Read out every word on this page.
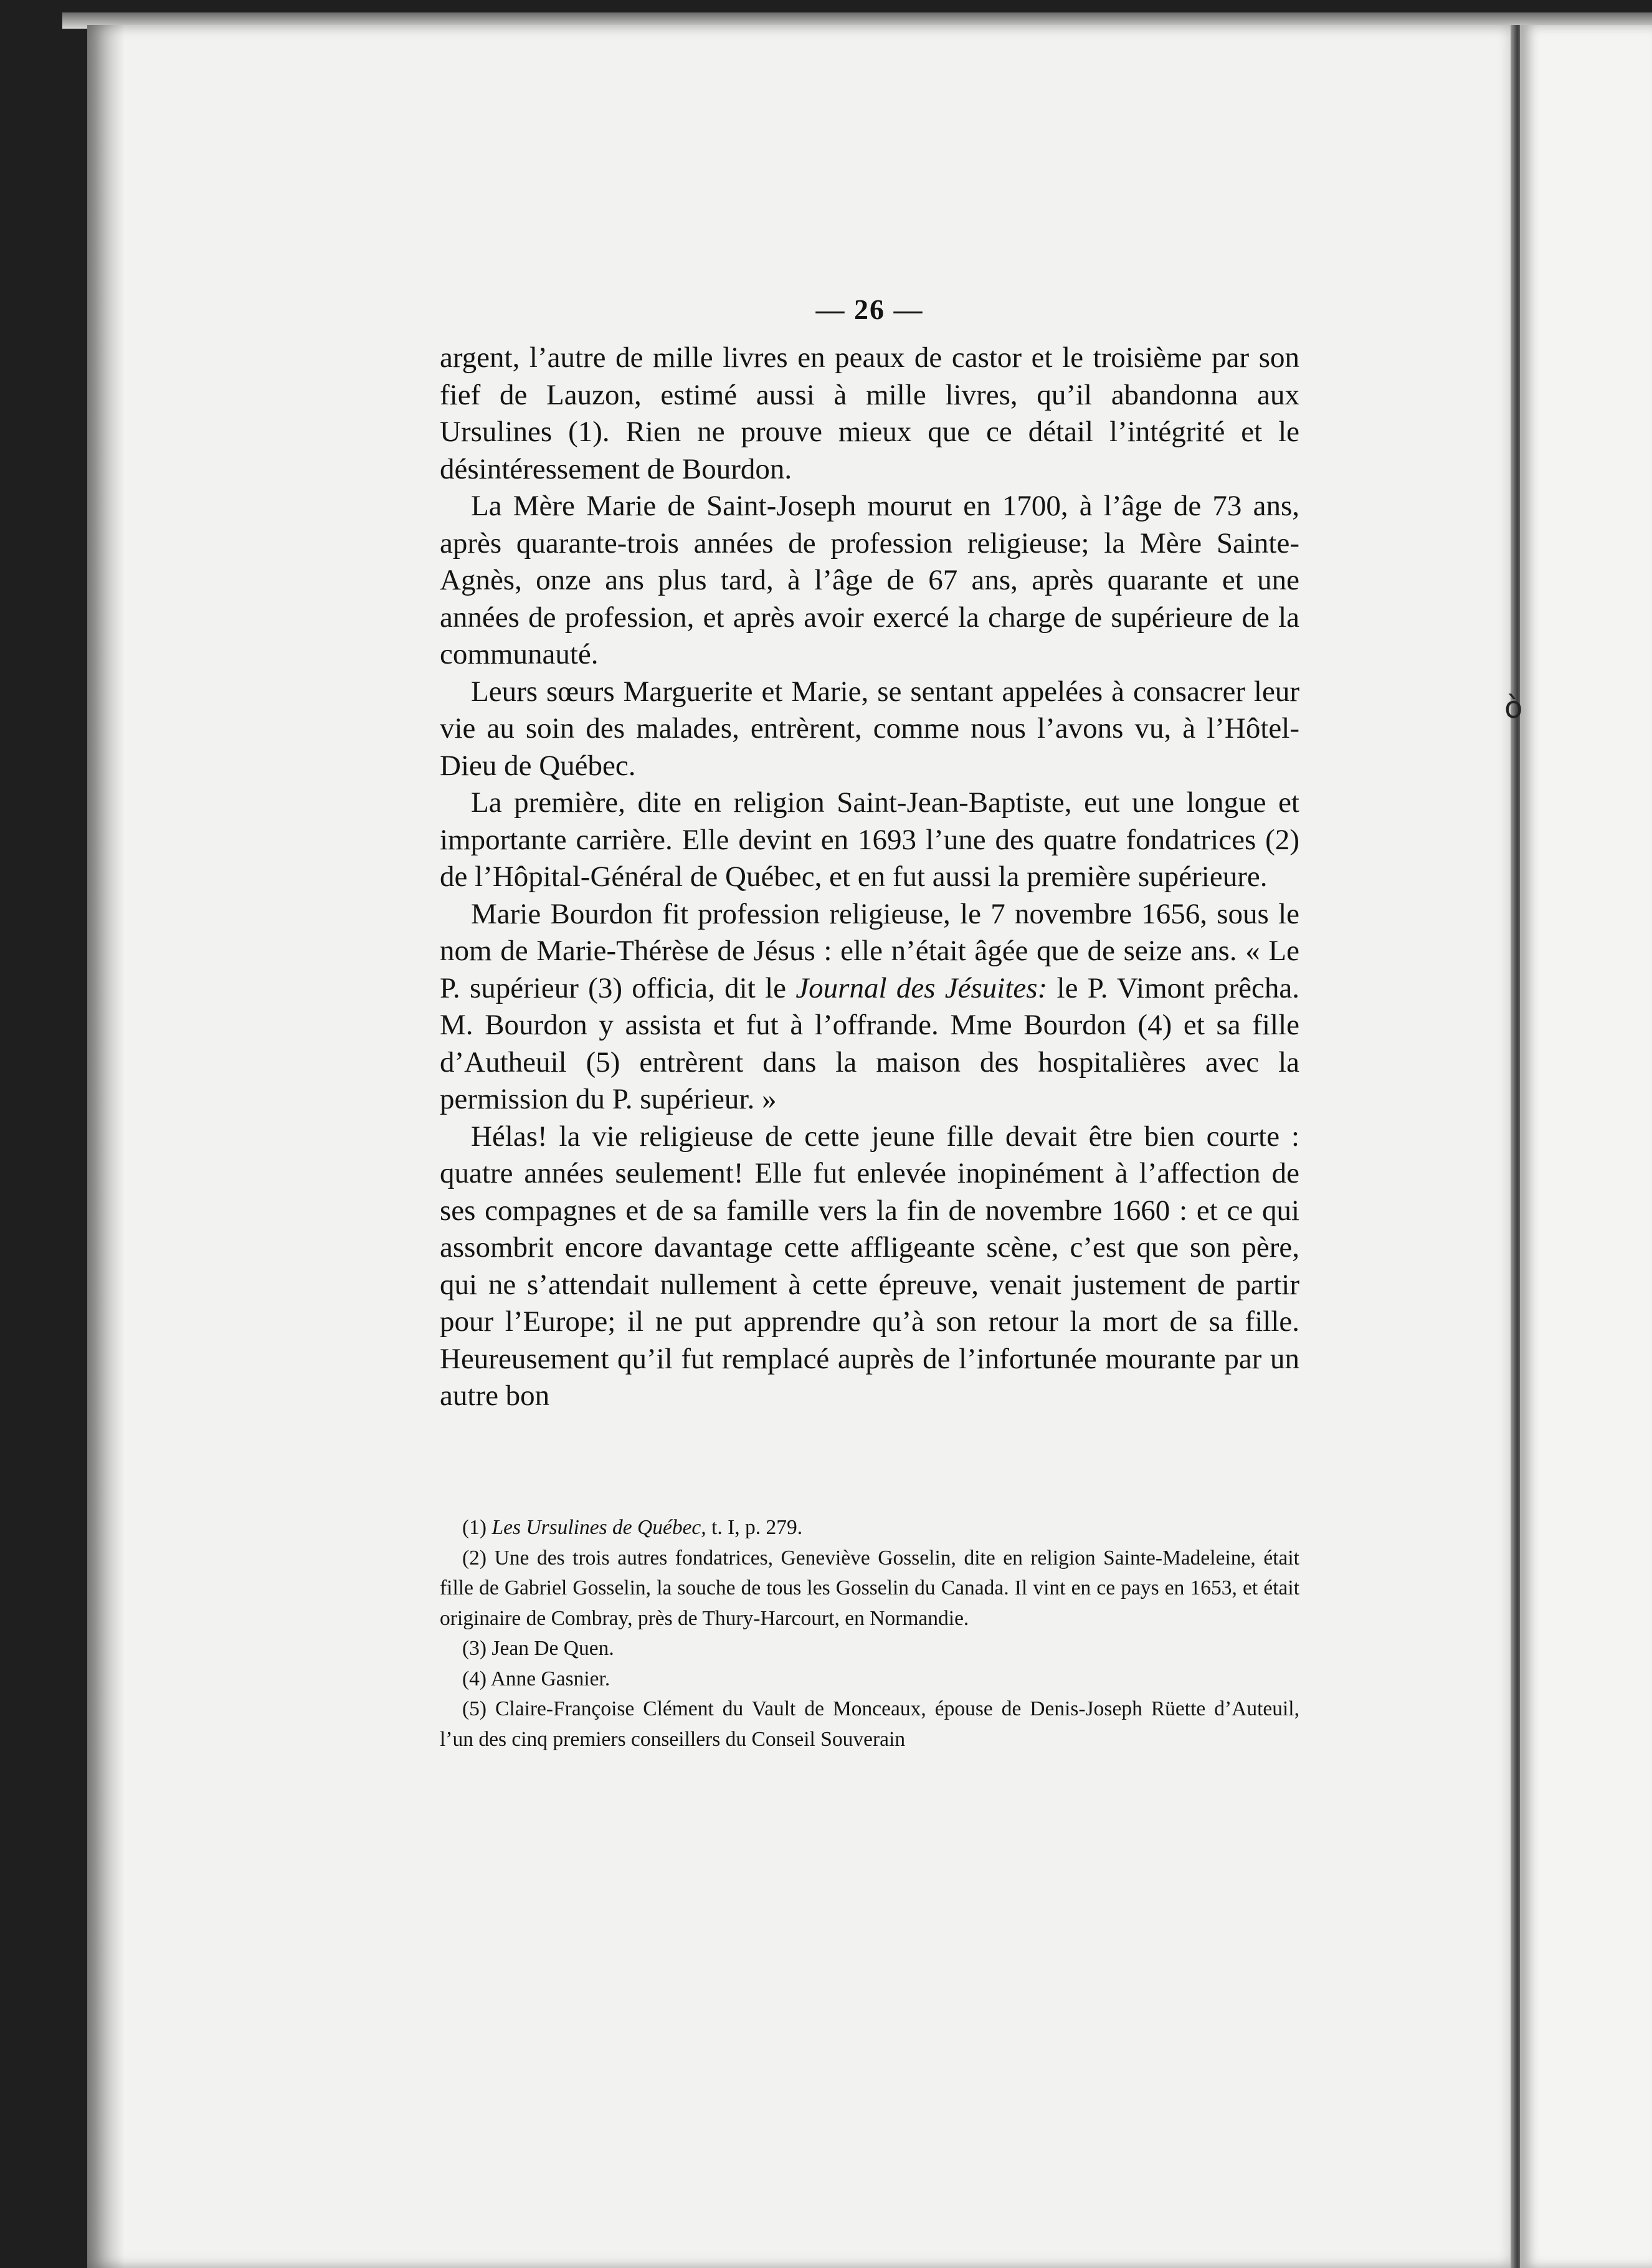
— 26 —

argent, l’autre de mille livres en peaux de castor et le troisième par son fief de Lauzon, estimé aussi à mille livres, qu’il abandonna aux Ursulines (1). Rien ne prouve mieux que ce détail l’intégrité et le désintéressement de Bourdon.

La Mère Marie de Saint-Joseph mourut en 1700, à l’âge de 73 ans, après quarante-trois années de profession religieuse; la Mère Sainte-Agnès, onze ans plus tard, à l’âge de 67 ans, après quarante et une années de profession, et après avoir exercé la charge de supérieure de la communauté.

Leurs sœurs Marguerite et Marie, se sentant appelées à consacrer leur vie au soin des malades, entrèrent, comme nous l’avons vu, à l’Hôtel-Dieu de Québec.

La première, dite en religion Saint-Jean-Baptiste, eut une longue et importante carrière. Elle devint en 1693 l’une des quatre fondatrices (2) de l’Hôpital-Général de Québec, et en fut aussi la première supérieure.

Marie Bourdon fit profession religieuse, le 7 novembre 1656, sous le nom de Marie-Thérèse de Jésus : elle n’était âgée que de seize ans. « Le P. supérieur (3) officia, dit le Journal des Jésuites: le P. Vimont prêcha. M. Bourdon y assista et fut à l’offrande. Mme Bourdon (4) et sa fille d’Autheuil (5) entrèrent dans la maison des hospitalières avec la permission du P. supérieur. »

Hélas! la vie religieuse de cette jeune fille devait être bien courte : quatre années seulement! Elle fut enlevée inopinément à l’affection de ses compagnes et de sa famille vers la fin de novembre 1660 : et ce qui assombrit encore davantage cette affligeante scène, c’est que son père, qui ne s’attendait nullement à cette épreuve, venait justement de partir pour l’Europe; il ne put apprendre qu’à son retour la mort de sa fille. Heureusement qu’il fut remplacé auprès de l’infortunée mourante par un autre bon

(1) Les Ursulines de Québec, t. I, p. 279.

(2) Une des trois autres fondatrices, Geneviève Gosselin, dite en religion Sainte-Madeleine, était fille de Gabriel Gosselin, la souche de tous les Gosselin du Canada. Il vint en ce pays en 1653, et était originaire de Combray, près de Thury-Harcourt, en Normandie.

(3) Jean De Quen.

(4) Anne Gasnier.

(5) Claire-Françoise Clément du Vault de Monceaux, épouse de Denis-Joseph Rüette d’Auteuil, l’un des cinq premiers conseillers du Conseil Souverain

ò
